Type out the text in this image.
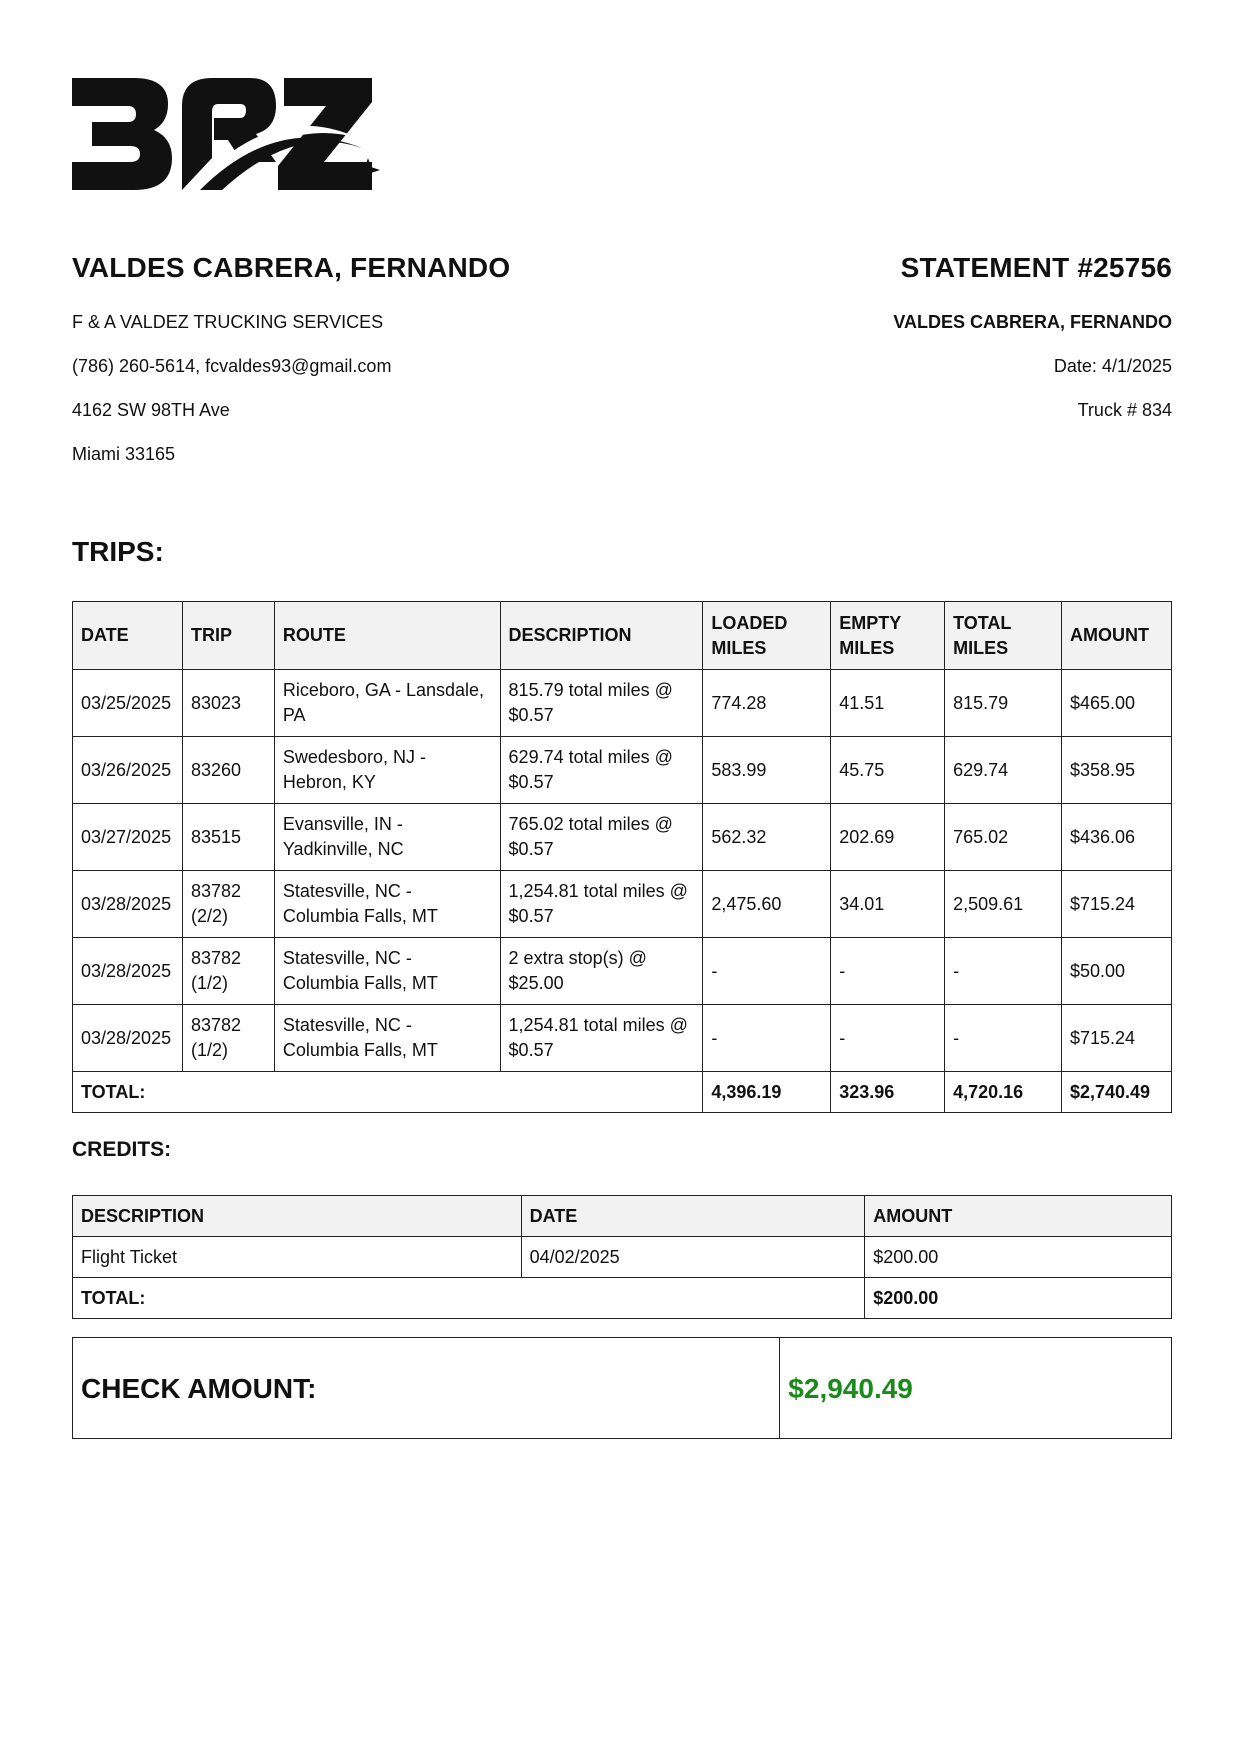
VALDES CABRERA, FERNANDO
F & A VALDEZ TRUCKING SERVICES
(786) 260-5614, fcvaldes93@gmail.com
4162 SW 98TH Ave
Miami 33165
STATEMENT #25756
VALDES CABRERA, FERNANDO
Date: 4/1/2025
Truck # 834
TRIPS:
DATE	TRIP	ROUTE	DESCRIPTION	LOADED MILES	EMPTY MILES	TOTAL MILES	AMOUNT
03/25/2025	83023	Riceboro, GA - Lansdale, PA	815.79 total miles @ $0.57	774.28	41.51	815.79	$465.00
03/26/2025	83260	Swedesboro, NJ - Hebron, KY	629.74 total miles @ $0.57	583.99	45.75	629.74	$358.95
03/27/2025	83515	Evansville, IN - Yadkinville, NC	765.02 total miles @ $0.57	562.32	202.69	765.02	$436.06
03/28/2025	83782 (2/2)	Statesville, NC - Columbia Falls, MT	1,254.81 total miles @ $0.57	2,475.60	34.01	2,509.61	$715.24
03/28/2025	83782 (1/2)	Statesville, NC - Columbia Falls, MT	2 extra stop(s) @ $25.00	-	-	-	$50.00
03/28/2025	83782 (1/2)	Statesville, NC - Columbia Falls, MT	1,254.81 total miles @ $0.57	-	-	-	$715.24
TOTAL:				4,396.19	323.96	4,720.16	$2,740.49
CREDITS:
DESCRIPTION	DATE	AMOUNT
Flight Ticket	04/02/2025	$200.00
TOTAL:		$200.00
CHECK AMOUNT:	$2,940.49
